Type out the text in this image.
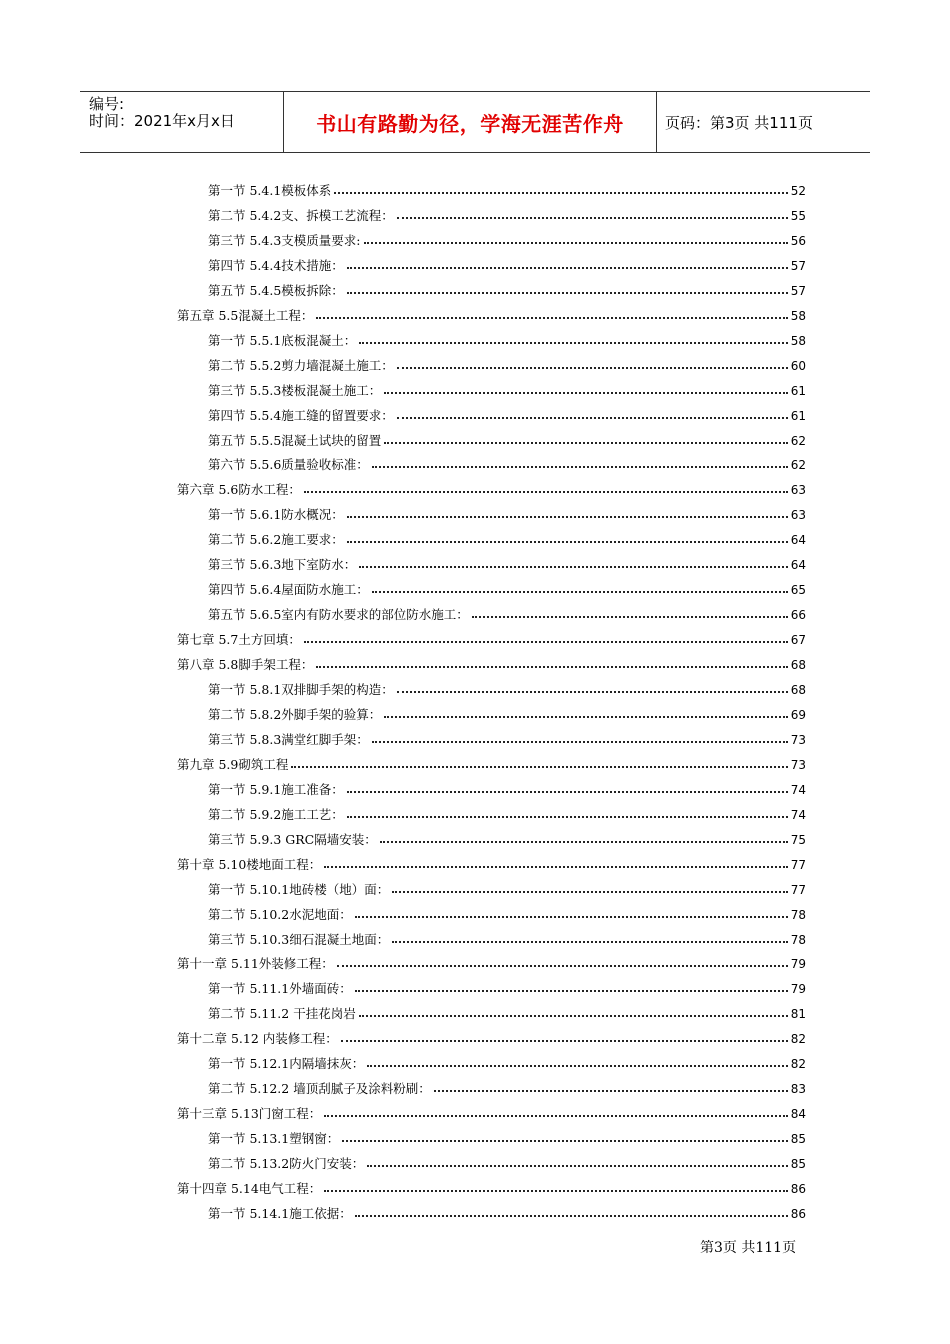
编号:
时间：2021年x月x日	书山有路勤为径，学海无涯苦作舟	页码：第3页 共111页
第一节 5.4.1模板体系	52
第二节 5.4.2支、拆模工艺流程：	55
第三节 5.4.3支模质量要求:	56
第四节 5.4.4技术措施：	57
第五节 5.4.5模板拆除：	57
第五章 5.5混凝土工程：	58
第一节 5.5.1底板混凝土：	58
第二节 5.5.2剪力墙混凝土施工：	60
第三节 5.5.3楼板混凝土施工：	61
第四节 5.5.4施工缝的留置要求：	61
第五节 5.5.5混凝土试块的留置	62
第六节 5.5.6质量验收标准：	62
第六章 5.6防水工程：	63
第一节 5.6.1防水概况：	63
第二节 5.6.2施工要求：	64
第三节 5.6.3地下室防水：	64
第四节 5.6.4屋面防水施工：	65
第五节 5.6.5室内有防水要求的部位防水施工：	66
第七章 5.7土方回填：	67
第八章 5.8脚手架工程：	68
第一节 5.8.1双排脚手架的构造：	68
第二节 5.8.2外脚手架的验算：	69
第三节 5.8.3满堂红脚手架：	73
第九章 5.9砌筑工程	73
第一节 5.9.1施工准备：	74
第二节 5.9.2施工工艺：	74
第三节 5.9.3 GRC隔墙安装：	75
第十章 5.10楼地面工程：	77
第一节 5.10.1地砖楼（地）面：	77
第二节 5.10.2水泥地面：	78
第三节 5.10.3细石混凝土地面：	78
第十一章 5.11外装修工程：	79
第一节 5.11.1外墙面砖：	79
第二节 5.11.2 干挂花岗岩	81
第十二章 5.12 内装修工程：	82
第一节 5.12.1内隔墙抹灰：	82
第二节 5.12.2 墙顶刮腻子及涂料粉刷：	83
第十三章 5.13门窗工程：	84
第一节 5.13.1塑钢窗：	85
第二节 5.13.2防火门安装：	85
第十四章 5.14电气工程：	86
第一节 5.14.1施工依据：	86
第3页 共111页
